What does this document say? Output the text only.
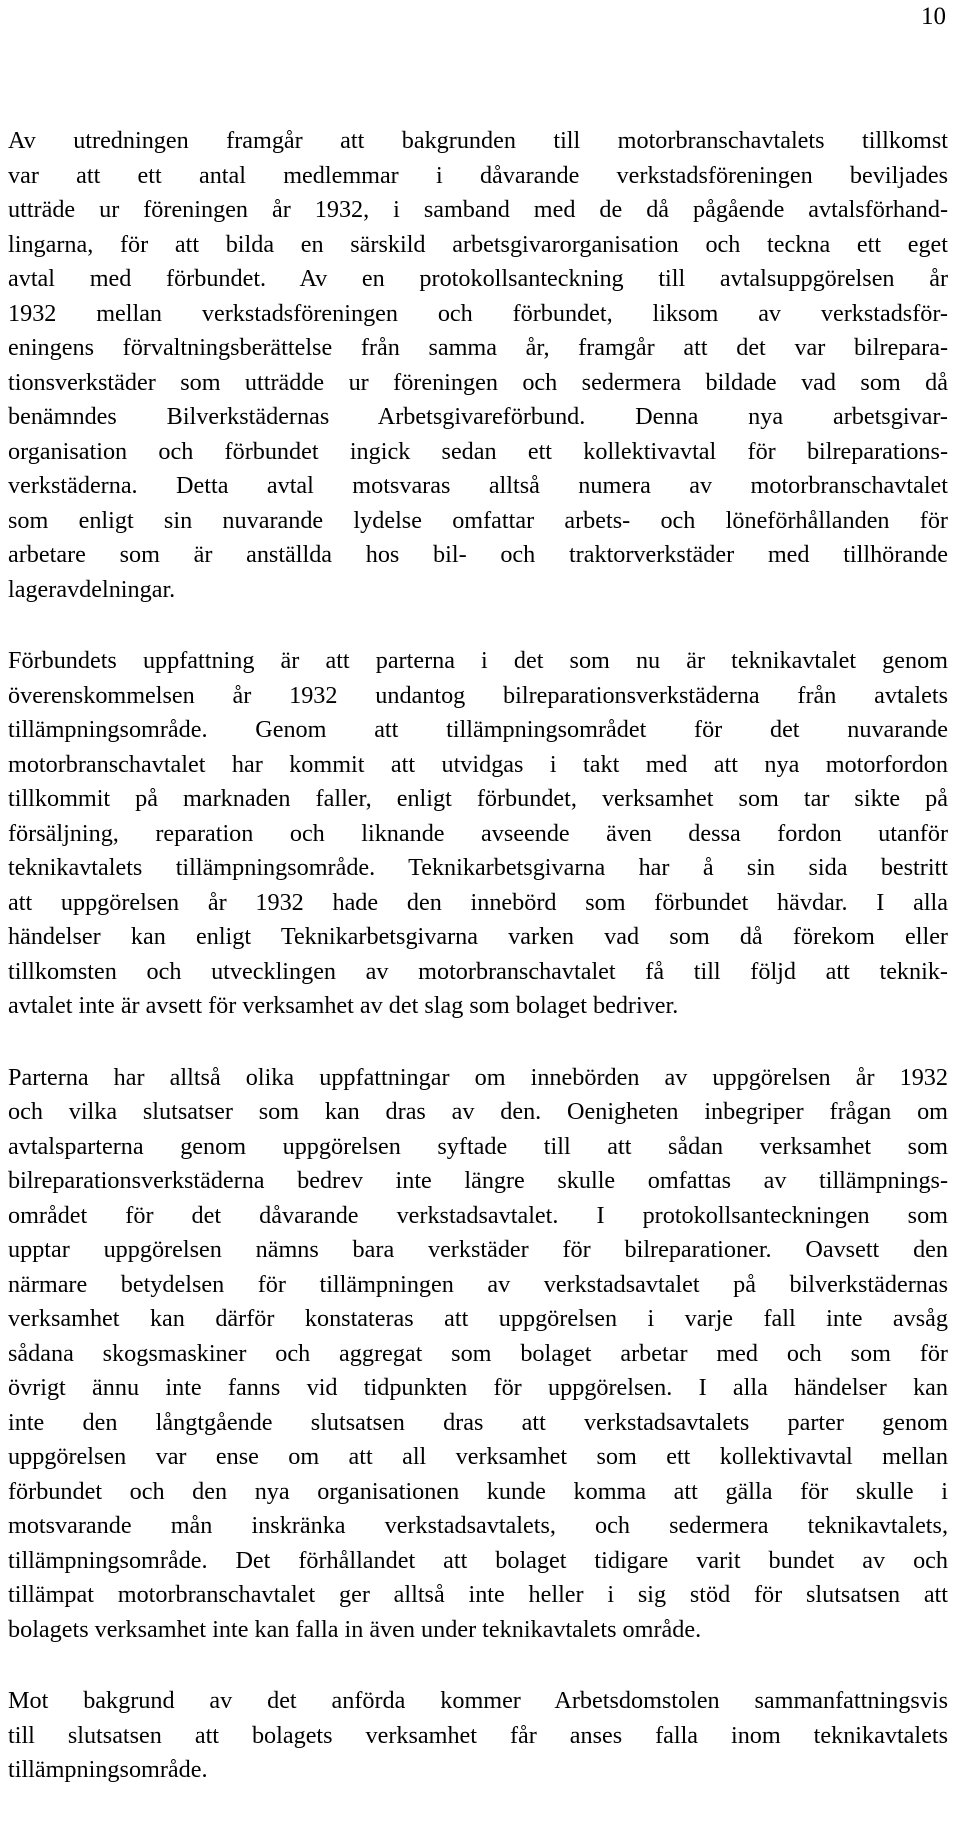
10

Av utredningen framgår att bakgrunden till motorbranschavtalets tillkomst
var att ett antal medlemmar i dåvarande verkstadsföreningen beviljades
utträde ur föreningen år 1932, i samband med de då pågående avtalsförhand-
lingarna, för att bilda en särskild arbetsgivarorganisation och teckna ett eget
avtal med förbundet. Av en protokollsanteckning till avtalsuppgörelsen år
1932 mellan verkstadsföreningen och förbundet, liksom av verkstadsför-
eningens förvaltningsberättelse från samma år, framgår att det var bilrepara-
tionsverkstäder som utträdde ur föreningen och sedermera bildade vad som då
benämndes Bilverkstädernas Arbetsgivareförbund. Denna nya arbetsgivar-
organisation och förbundet ingick sedan ett kollektivavtal för bilreparations-
verkstäderna. Detta avtal motsvaras alltså numera av motorbranschavtalet
som enligt sin nuvarande lydelse omfattar arbets- och löneförhållanden för
arbetare som är anställda hos bil- och traktorverkstäder med tillhörande
lageravdelningar.

Förbundets uppfattning är att parterna i det som nu är teknikavtalet genom
överenskommelsen år 1932 undantog bilreparationsverkstäderna från avtalets
tillämpningsområde. Genom att tillämpningsområdet för det nuvarande
motorbranschavtalet har kommit att utvidgas i takt med att nya motorfordon
tillkommit på marknaden faller, enligt förbundet, verksamhet som tar sikte på
försäljning, reparation och liknande avseende även dessa fordon utanför
teknikavtalets tillämpningsområde. Teknikarbetsgivarna har å sin sida bestritt
att uppgörelsen år 1932 hade den innebörd som förbundet hävdar. I alla
händelser kan enligt Teknikarbetsgivarna varken vad som då förekom eller
tillkomsten och utvecklingen av motorbranschavtalet få till följd att teknik-
avtalet inte är avsett för verksamhet av det slag som bolaget bedriver.

Parterna har alltså olika uppfattningar om innebörden av uppgörelsen år 1932
och vilka slutsatser som kan dras av den. Oenigheten inbegriper frågan om
avtalsparterna genom uppgörelsen syftade till att sådan verksamhet som
bilreparationsverkstäderna bedrev inte längre skulle omfattas av tillämpnings-
området för det dåvarande verkstadsavtalet. I protokollsanteckningen som
upptar uppgörelsen nämns bara verkstäder för bilreparationer. Oavsett den
närmare betydelsen för tillämpningen av verkstadsavtalet på bilverkstädernas
verksamhet kan därför konstateras att uppgörelsen i varje fall inte avsåg
sådana skogsmaskiner och aggregat som bolaget arbetar med och som för
övrigt ännu inte fanns vid tidpunkten för uppgörelsen. I alla händelser kan
inte den långtgående slutsatsen dras att verkstadsavtalets parter genom
uppgörelsen var ense om att all verksamhet som ett kollektivavtal mellan
förbundet och den nya organisationen kunde komma att gälla för skulle i
motsvarande mån inskränka verkstadsavtalets, och sedermera teknikavtalets,
tillämpningsområde. Det förhållandet att bolaget tidigare varit bundet av och
tillämpat motorbranschavtalet ger alltså inte heller i sig stöd för slutsatsen att
bolagets verksamhet inte kan falla in även under teknikavtalets område.

Mot bakgrund av det anförda kommer Arbetsdomstolen sammanfattningsvis
till slutsatsen att bolagets verksamhet får anses falla inom teknikavtalets
tillämpningsområde.
